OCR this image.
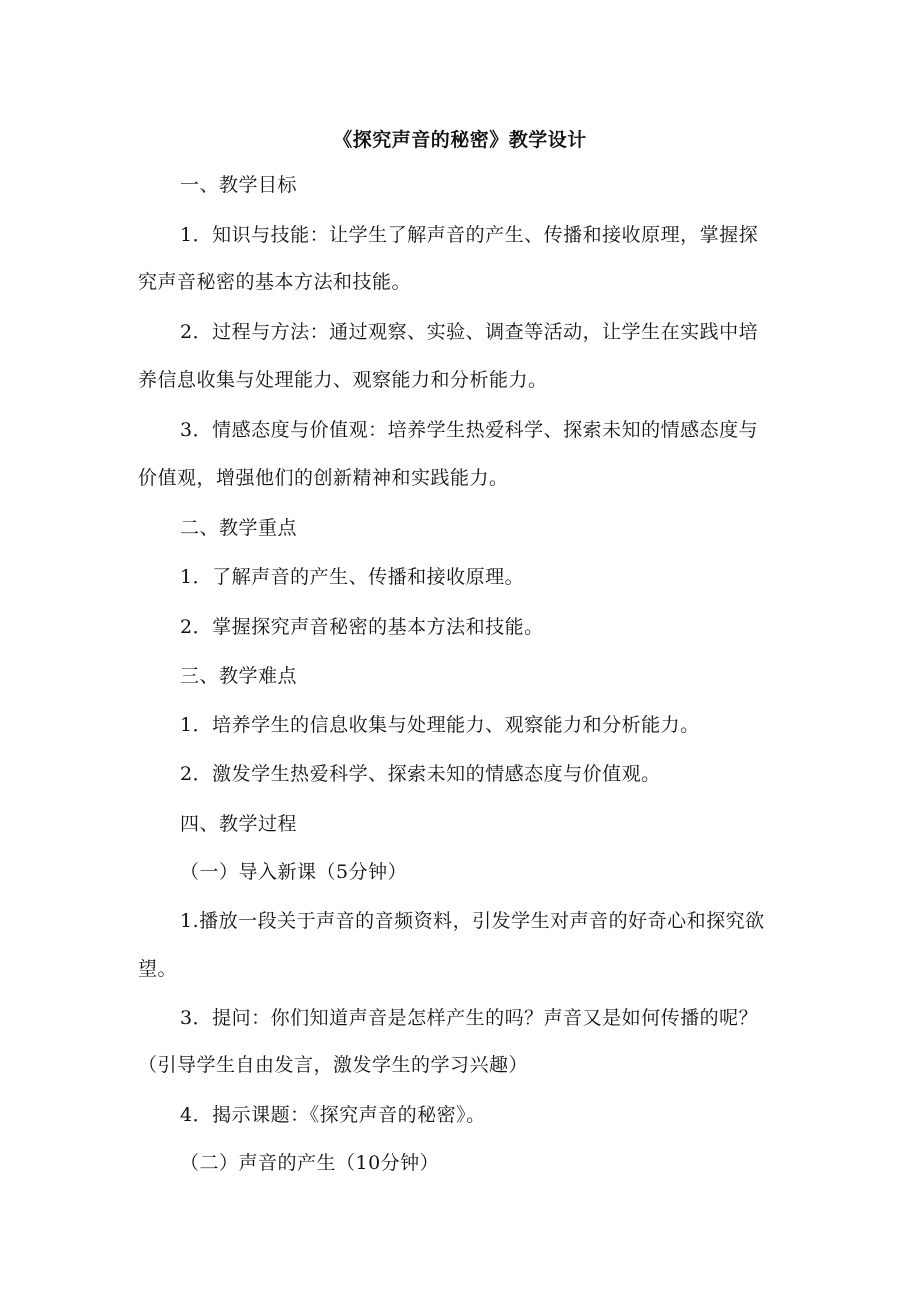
《探究声音的秘密》教学设计
一、教学目标
1．知识与技能：让学生了解声音的产生、传播和接收原理，掌握探
究声音秘密的基本方法和技能。
2．过程与方法：通过观察、实验、调查等活动，让学生在实践中培
养信息收集与处理能力、观察能力和分析能力。
3．情感态度与价值观：培养学生热爱科学、探索未知的情感态度与
价值观，增强他们的创新精神和实践能力。
二、教学重点
1．了解声音的产生、传播和接收原理。
2．掌握探究声音秘密的基本方法和技能。
三、教学难点
1．培养学生的信息收集与处理能力、观察能力和分析能力。
2．激发学生热爱科学、探索未知的情感态度与价值观。
四、教学过程
（一）导入新课（5分钟）
1.播放一段关于声音的音频资料，引发学生对声音的好奇心和探究欲
望。
3．提问：你们知道声音是怎样产生的吗？声音又是如何传播的呢？
（引导学生自由发言，激发学生的学习兴趣）
4．揭示课题：《探究声音的秘密》。
（二）声音的产生（10分钟）
